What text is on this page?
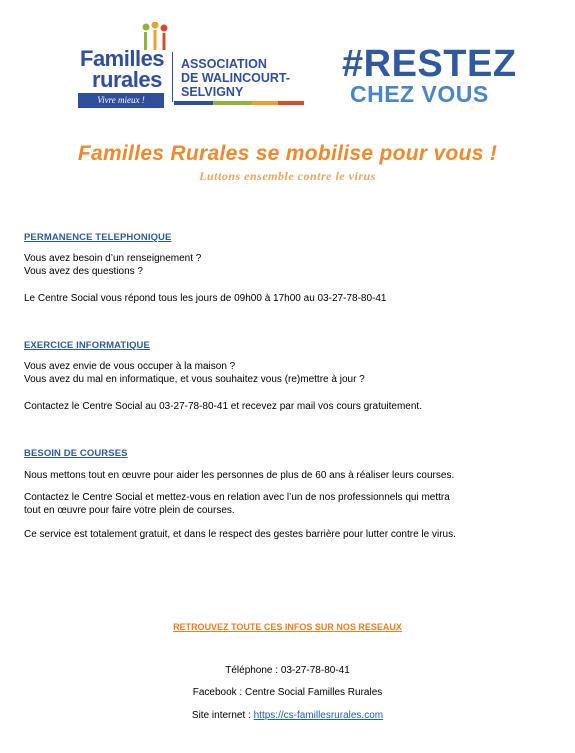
Familles
rurales
Vivre mieux !
ASSOCIATION
DE WALINCOURT-
SELVIGNY
#RESTEZ
CHEZ VOUS
Familles Rurales se mobilise pour vous !
Luttons ensemble contre le virus
PERMANENCE TELEPHONIQUE
Vous avez besoin d’un renseignement ?
Vous avez des questions ?
Le Centre Social vous répond tous les jours de 09h00 à 17h00 au 03-27-78-80-41
EXERCICE INFORMATIQUE
Vous avez envie de vous occuper à la maison ?
Vous avez du mal en informatique, et vous souhaitez vous (re)mettre à jour ?
Contactez le Centre Social au 03-27-78-80-41 et recevez par mail vos cours gratuitement.
BESOIN DE COURSES
Nous mettons tout en œuvre pour aider les personnes de plus de 60 ans à réaliser leurs courses.
Contactez le Centre Social et mettez-vous en relation avec l’un de nos professionnels qui mettra
tout en œuvre pour faire votre plein de courses.
Ce service est totalement gratuit, et dans le respect des gestes barrière pour lutter contre le virus.
RETROUVEZ TOUTE CES INFOS SUR NOS RESEAUX
Téléphone : 03-27-78-80-41
Facebook : Centre Social Familles Rurales
Site internet : https://cs-famillesrurales.com
